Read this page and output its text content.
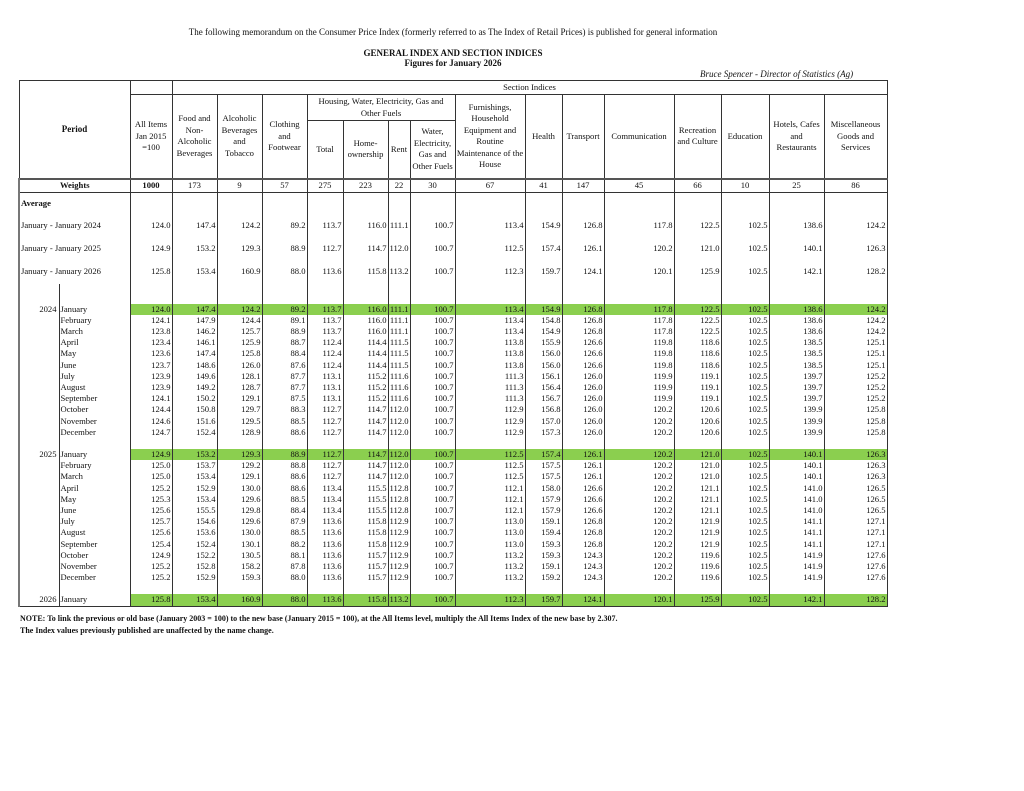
The following memorandum on the Consumer Price Index (formerly referred to as The Index of Retail Prices) is published for general information
GENERAL INDEX AND SECTION INDICES
Figures for January 2026
Bruce Spencer - Director of Statistics (Ag)
Period			Section Indices														
		All Items Jan 2015 =100	Food and Non-Alcoholic Beverages	Alcoholic Beverages and Tobacco	Clothing and Footwear	Housing, Water, Electricity, Gas and Other Fuels				Furnishings, Household Equipment and Routine Maintenance of the House	Health	Transport	Communication	Recreation and Culture	Education	Hotels, Cafes and Restaurants	Miscellaneous Goods and Services
						Total	Home-ownership	Rent	Water, Electricity, Gas and Other Fuels								
Weights		1000	173	9	57	275	223	22	30	67	41	147	45	66	10	25	86
Average																	
January - January 2024		124.0	147.4	124.2	89.2	113.7	116.0	111.1	100.7	113.4	154.9	126.8	117.8	122.5	102.5	138.6	124.2
January - January 2025		124.9	153.2	129.3	88.9	112.7	114.7	112.0	100.7	112.5	157.4	126.1	120.2	121.0	102.5	140.1	126.3
January - January 2026		125.8	153.4	160.9	88.0	113.6	115.8	113.2	100.7	112.3	159.7	124.1	120.1	125.9	102.5	142.1	128.2

2024	January	124.0	147.4	124.2	89.2	113.7	116.0	111.1	100.7	113.4	154.9	126.8	117.8	122.5	102.5	138.6	124.2
	February	124.1	147.9	124.4	89.1	113.7	116.0	111.1	100.7	113.4	154.8	126.8	117.8	122.5	102.5	138.6	124.2
	March	123.8	146.2	125.7	88.9	113.7	116.0	111.1	100.7	113.4	154.9	126.8	117.8	122.5	102.5	138.6	124.2
	April	123.4	146.1	125.9	88.7	112.4	114.4	111.5	100.7	113.8	155.9	126.6	119.8	118.6	102.5	138.5	125.1
	May	123.6	147.4	125.8	88.4	112.4	114.4	111.5	100.7	113.8	156.0	126.6	119.8	118.6	102.5	138.5	125.1
	June	123.7	148.6	126.0	87.6	112.4	114.4	111.5	100.7	113.8	156.0	126.6	119.8	118.6	102.5	138.5	125.1
	July	123.9	149.6	128.1	87.7	113.1	115.2	111.6	100.7	111.3	156.1	126.0	119.9	119.1	102.5	139.7	125.2
	August	123.9	149.2	128.7	87.7	113.1	115.2	111.6	100.7	111.3	156.4	126.0	119.9	119.1	102.5	139.7	125.2
	September	124.1	150.2	129.1	87.5	113.1	115.2	111.6	100.7	111.3	156.7	126.0	119.9	119.1	102.5	139.7	125.2
	October	124.4	150.8	129.7	88.3	112.7	114.7	112.0	100.7	112.9	156.8	126.0	120.2	120.6	102.5	139.9	125.8
	November	124.6	151.6	129.5	88.5	112.7	114.7	112.0	100.7	112.9	157.0	126.0	120.2	120.6	102.5	139.9	125.8
	December	124.7	152.4	128.9	88.6	112.7	114.7	112.0	100.7	112.9	157.3	126.0	120.2	120.6	102.5	139.9	125.8

2025	January	124.9	153.2	129.3	88.9	112.7	114.7	112.0	100.7	112.5	157.4	126.1	120.2	121.0	102.5	140.1	126.3
	February	125.0	153.7	129.2	88.8	112.7	114.7	112.0	100.7	112.5	157.5	126.1	120.2	121.0	102.5	140.1	126.3
	March	125.0	153.4	129.1	88.6	112.7	114.7	112.0	100.7	112.5	157.5	126.1	120.2	121.0	102.5	140.1	126.3
	April	125.2	152.9	130.0	88.6	113.4	115.5	112.8	100.7	112.1	158.0	126.6	120.2	121.1	102.5	141.0	126.5
	May	125.3	153.4	129.6	88.5	113.4	115.5	112.8	100.7	112.1	157.9	126.6	120.2	121.1	102.5	141.0	126.5
	June	125.6	155.5	129.8	88.4	113.4	115.5	112.8	100.7	112.1	157.9	126.6	120.2	121.1	102.5	141.0	126.5
	July	125.7	154.6	129.6	87.9	113.6	115.8	112.9	100.7	113.0	159.1	126.8	120.2	121.9	102.5	141.1	127.1
	August	125.6	153.6	130.0	88.5	113.6	115.8	112.9	100.7	113.0	159.4	126.8	120.2	121.9	102.5	141.1	127.1
	September	125.4	152.4	130.1	88.2	113.6	115.8	112.9	100.7	113.0	159.3	126.8	120.2	121.9	102.5	141.1	127.1
	October	124.9	152.2	130.5	88.1	113.6	115.7	112.9	100.7	113.2	159.3	124.3	120.2	119.6	102.5	141.9	127.6
	November	125.2	152.8	158.2	87.8	113.6	115.7	112.9	100.7	113.2	159.1	124.3	120.2	119.6	102.5	141.9	127.6
	December	125.2	152.9	159.3	88.0	113.6	115.7	112.9	100.7	113.2	159.2	124.3	120.2	119.6	102.5	141.9	127.6

2026	January	125.8	153.4	160.9	88.0	113.6	115.8	113.2	100.7	112.3	159.7	124.1	120.1	125.9	102.5	142.1	128.2
NOTE: To link the previous or old base (January 2003 = 100) to the new base (January 2015 = 100), at the All Items level, multiply the All Items Index of the new base by 2.307.
The Index values previously published are unaffected by the name change.
